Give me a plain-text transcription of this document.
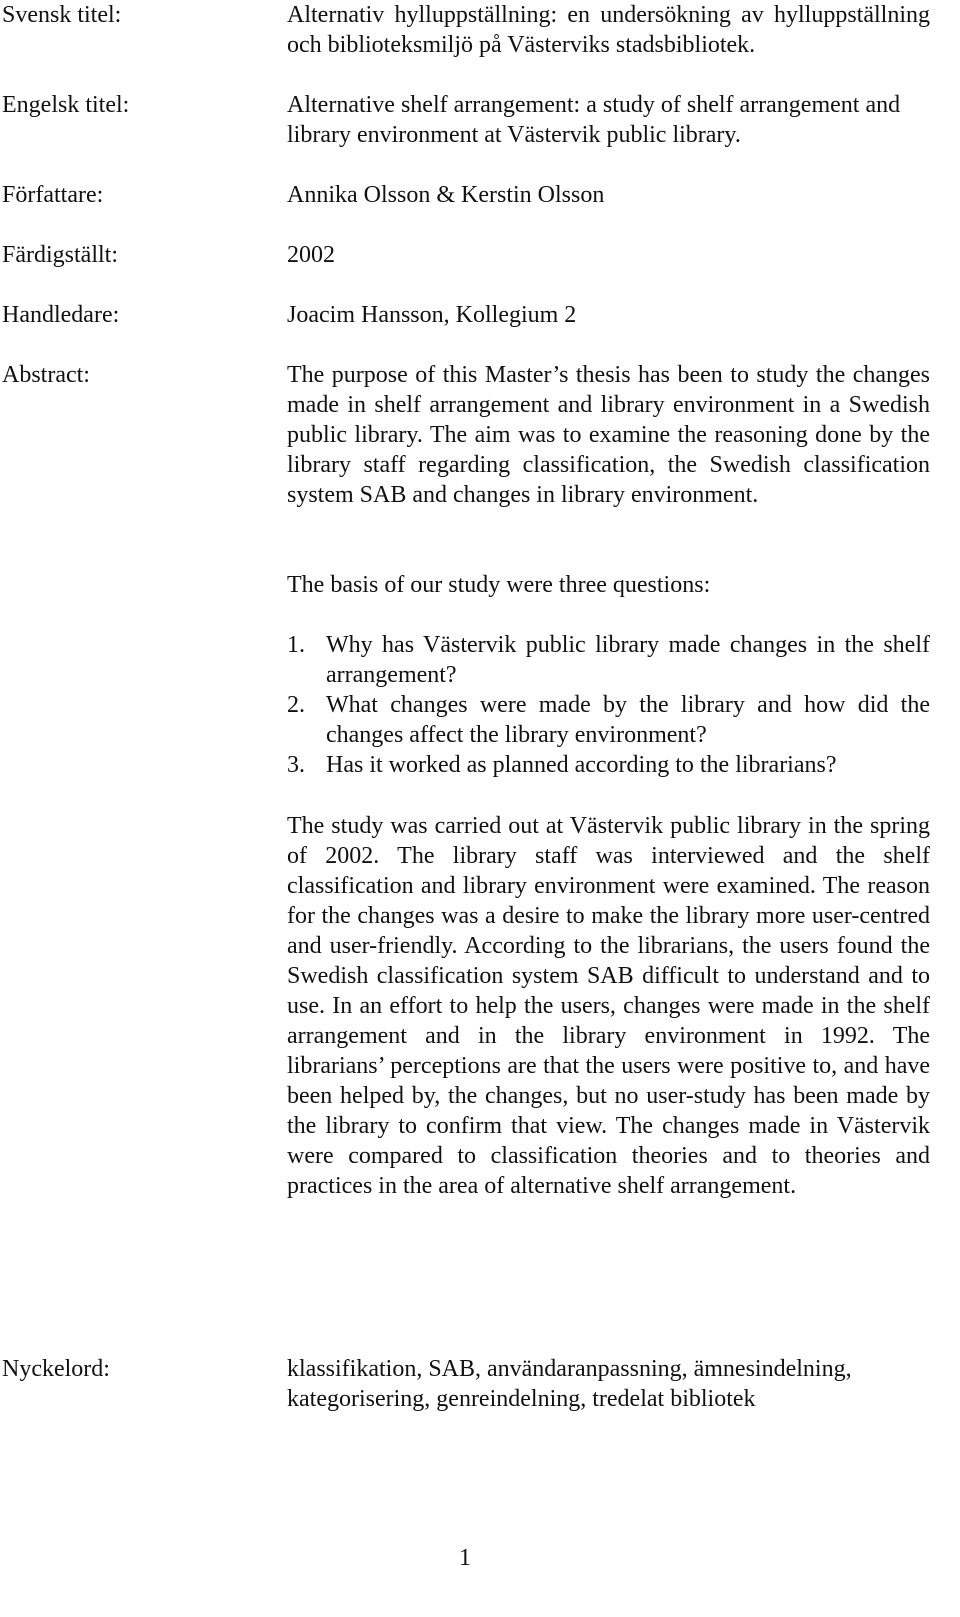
Svensk titel:	Alternativ hylluppställning: en undersökning av hylluppställning och biblioteksmiljö på Västerviks stadsbibliotek.
Engelsk titel:	Alternative shelf arrangement: a study of shelf arrangement and library environment at Västervik public library.
Författare:	Annika Olsson & Kerstin Olsson
Färdigställt:	2002
Handledare:	Joacim Hansson, Kollegium 2
Abstract:	The purpose of this Master’s thesis has been to study the changes made in shelf arrangement and library environment in a Swedish public library. The aim was to examine the reasoning done by the library staff regarding classification, the Swedish classification system SAB and changes in library environment.
The basis of our study were three questions:
1. Why has Västervik public library made changes in the shelf arrangement?
2. What changes were made by the library and how did the changes affect the library environment?
3. Has it worked as planned according to the librarians?
The study was carried out at Västervik public library in the spring of 2002. The library staff was interviewed and the shelf classification and library environment were examined. The reason for the changes was a desire to make the library more user-centred and user-friendly. According to the librarians, the users found the Swedish classification system SAB difficult to understand and to use. In an effort to help the users, changes were made in the shelf arrangement and in the library environment in 1992. The librarians’ perceptions are that the users were positive to, and have been helped by, the changes, but no user-study has been made by the library to confirm that view. The changes made in Västervik were compared to classification theories and to theories and practices in the area of alternative shelf arrangement.
Nyckelord:	klassifikation, SAB, användaranpassning, ämnesindelning, kategorisering, genreindelning, tredelat bibliotek
1
